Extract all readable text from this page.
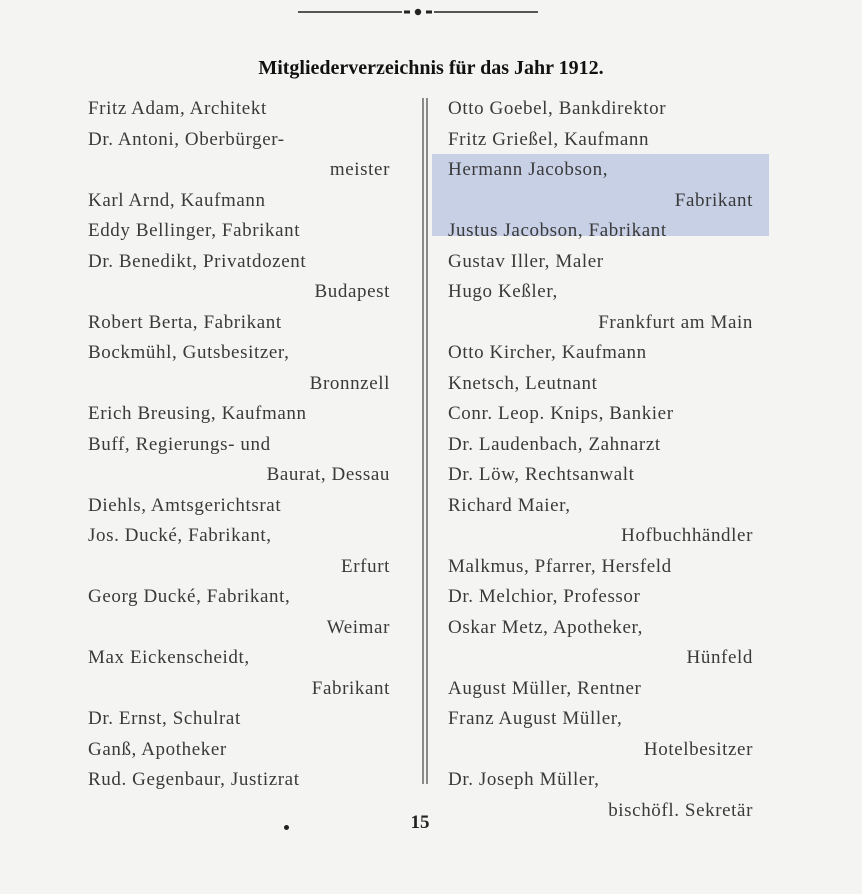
Mitgliederverzeichnis für das Jahr 1912.
Fritz Adam, Architekt
Dr. Antoni, Oberbürger-
meister
Karl Arnd, Kaufmann
Eddy Bellinger, Fabrikant
Dr. Benedikt, Privatdozent
Budapest
Robert Berta, Fabrikant
Bockmühl, Gutsbesitzer,
Bronnzell
Erich Breusing, Kaufmann
Buff, Regierungs- und
Baurat, Dessau
Diehls, Amtsgerichtsrat
Jos. Ducké, Fabrikant,
Erfurt
Georg Ducké, Fabrikant,
Weimar
Max Eickenscheidt,
Fabrikant
Dr. Ernst, Schulrat
Ganß, Apotheker
Rud. Gegenbaur, Justizrat
Otto Goebel, Bankdirektor
Fritz Grießel, Kaufmann
Hermann Jacobson,
Fabrikant
Justus Jacobson, Fabrikant
Gustav Iller, Maler
Hugo Keßler,
Frankfurt am Main
Otto Kircher, Kaufmann
Knetsch, Leutnant
Conr. Leop. Knips, Bankier
Dr. Laudenbach, Zahnarzt
Dr. Löw, Rechtsanwalt
Richard Maier,
Hofbuchhändler
Malkmus, Pfarrer, Hersfeld
Dr. Melchior, Professor
Oskar Metz, Apotheker,
Hünfeld
August Müller, Rentner
Franz August Müller,
Hotelbesitzer
Dr. Joseph Müller,
bischöfl. Sekretär
15
